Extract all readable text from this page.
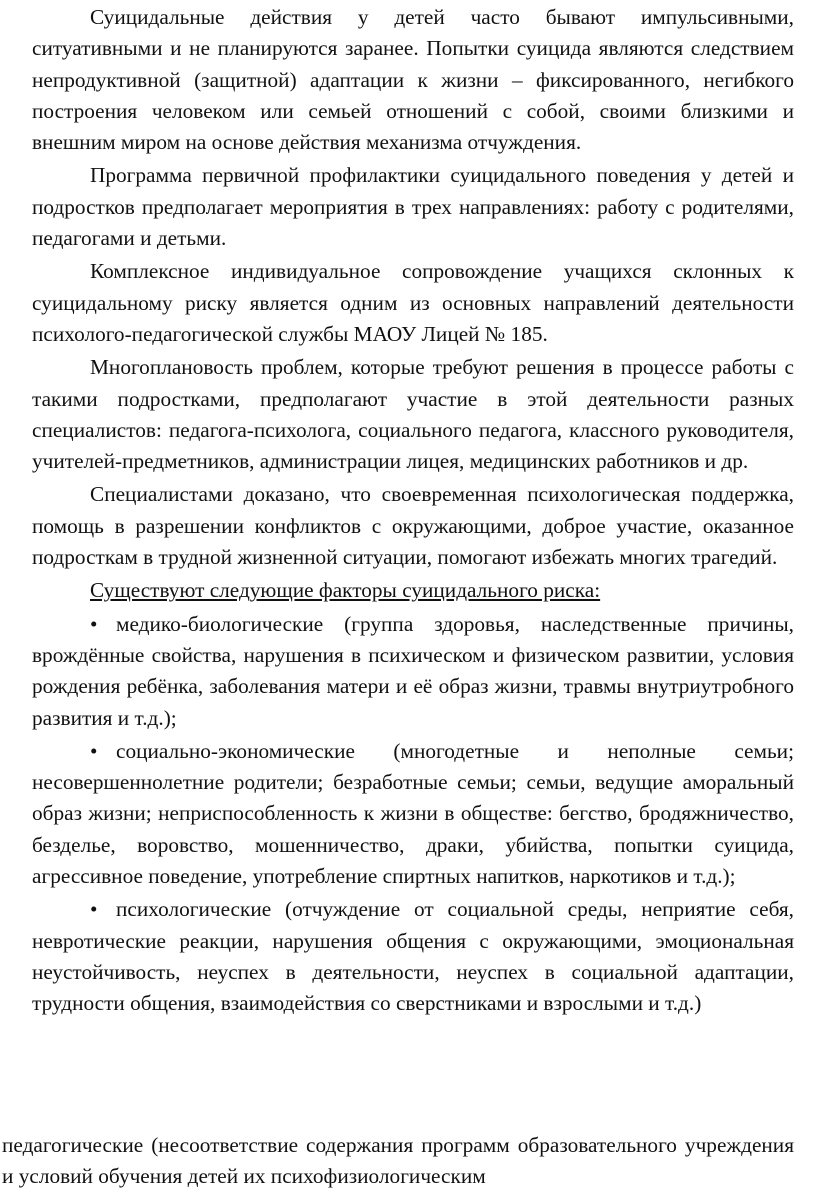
Суицидальные действия у детей часто бывают импульсивными, ситуативными и не планируются заранее. Попытки суицида являются следствием непродуктивной (защитной) адаптации к жизни – фиксированного, негибкого построения человеком или семьей отношений с собой, своими близкими и внешним миром на основе действия механизма отчуждения.

Программа первичной профилактики суицидального поведения у детей и подростков предполагает мероприятия в трех направлениях: работу с родителями, педагогами и детьми.

Комплексное индивидуальное сопровождение учащихся склонных к суицидальному риску является одним из основных направлений деятельности психолого-педагогической службы МАОУ Лицей № 185.

Многоплановость проблем, которые требуют решения в процессе работы с такими подростками, предполагают участие в этой деятельности разных специалистов: педагога-психолога, социального педагога, классного руководителя, учителей-предметников, администрации лицея, медицинских работников и др.

Специалистами доказано, что своевременная психологическая поддержка, помощь в разрешении конфликтов с окружающими, доброе участие, оказанное подросткам в трудной жизненной ситуации, помогают избежать многих трагедий.

Существуют следующие факторы суицидального риска:

• медико-биологические (группа здоровья, наследственные причины, врождённые свойства, нарушения в психическом и физическом развитии, условия рождения ребёнка, заболевания матери и её образ жизни, травмы внутриутробного развития и т.д.);

• социально-экономические (многодетные и неполные семьи; несовершеннолетние родители; безработные семьи; семьи, ведущие аморальный образ жизни; неприспособленность к жизни в обществе: бегство, бродяжничество, безделье, воровство, мошенничество, драки, убийства, попытки суицида, агрессивное поведение, употребление спиртных напитков, наркотиков и т.д.);

• психологические (отчуждение от социальной среды, неприятие себя, невротические реакции, нарушения общения с окружающими, эмоциональная неустойчивость, неуспех в деятельности, неуспех в социальной адаптации, трудности общения, взаимодействия со сверстниками и взрослыми и т.д.)

педагогические (несоответствие содержания программ образовательного учреждения и условий обучения детей их психофизиологическим
